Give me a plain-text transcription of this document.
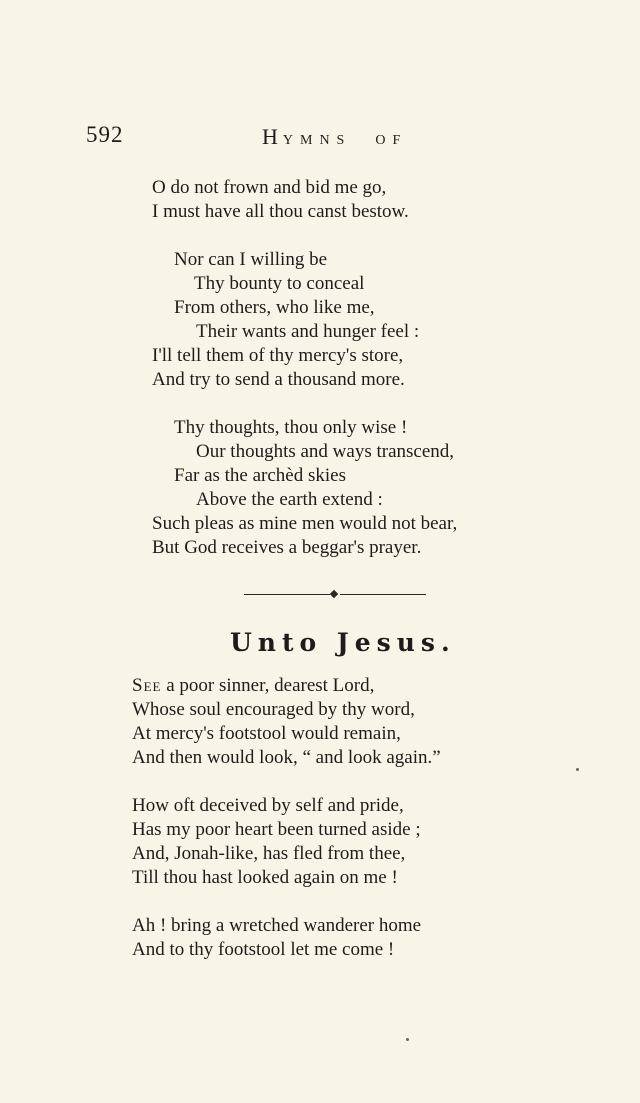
592	HYMNS OF
O do not frown and bid me go,
I must have all thou canst bestow.
Nor can I willing be
Thy bounty to conceal
From others, who like me,
Their wants and hunger feel :
I'll tell them of thy mercy's store,
And try to send a thousand more.
Thy thoughts, thou only wise !
Our thoughts and ways transcend,
Far as the archèd skies
Above the earth extend :
Such pleas as mine men would not bear,
But God receives a beggar's prayer.
Unto Jesus.
See a poor sinner, dearest Lord,
Whose soul encouraged by thy word,
At mercy's footstool would remain,
And then would look, “ and look again.”
How oft deceived by self and pride,
Has my poor heart been turned aside ;
And, Jonah-like, has fled from thee,
Till thou hast looked again on me !
Ah ! bring a wretched wanderer home
And to thy footstool let me come !
